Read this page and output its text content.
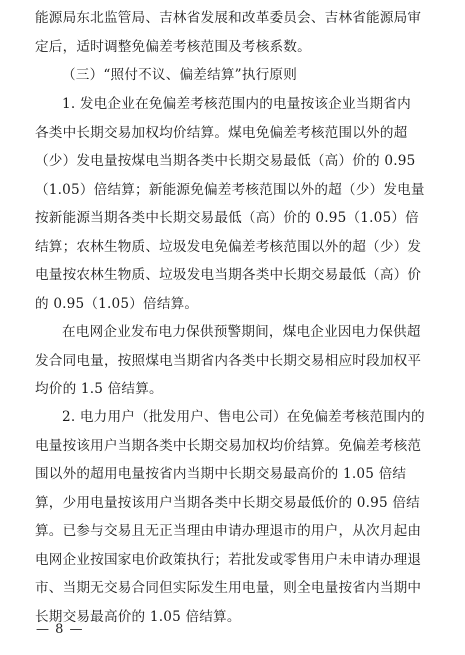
能源局东北监管局、吉林省发展和改革委员会、吉林省能源局审
定后，适时调整免偏差考核范围及考核系数。
（三）“照付不议、偏差结算”执行原则
1. 发电企业在免偏差考核范围内的电量按该企业当期省内
各类中长期交易加权均价结算。煤电免偏差考核范围以外的超
（少）发电量按煤电当期各类中长期交易最低（高）价的 0.95
（1.05）倍结算；新能源免偏差考核范围以外的超（少）发电量
按新能源当期各类中长期交易最低（高）价的 0.95（1.05）倍
结算；农林生物质、垃圾发电免偏差考核范围以外的超（少）发
电量按农林生物质、垃圾发电当期各类中长期交易最低（高）价
的 0.95（1.05）倍结算。
在电网企业发布电力保供预警期间，煤电企业因电力保供超
发合同电量，按照煤电当期省内各类中长期交易相应时段加权平
均价的 1.5 倍结算。
2. 电力用户（批发用户、售电公司）在免偏差考核范围内的
电量按该用户当期各类中长期交易加权均价结算。免偏差考核范
围以外的超用电量按省内当期中长期交易最高价的 1.05 倍结
算，少用电量按该用户当期各类中长期交易最低价的 0.95 倍结
算。已参与交易且无正当理由申请办理退市的用户，从次月起由
电网企业按国家电价政策执行；若批发或零售用户未申请办理退
市、当期无交易合同但实际发生用电量，则全电量按省内当期中
长期交易最高价的 1.05 倍结算。
— 8 —
